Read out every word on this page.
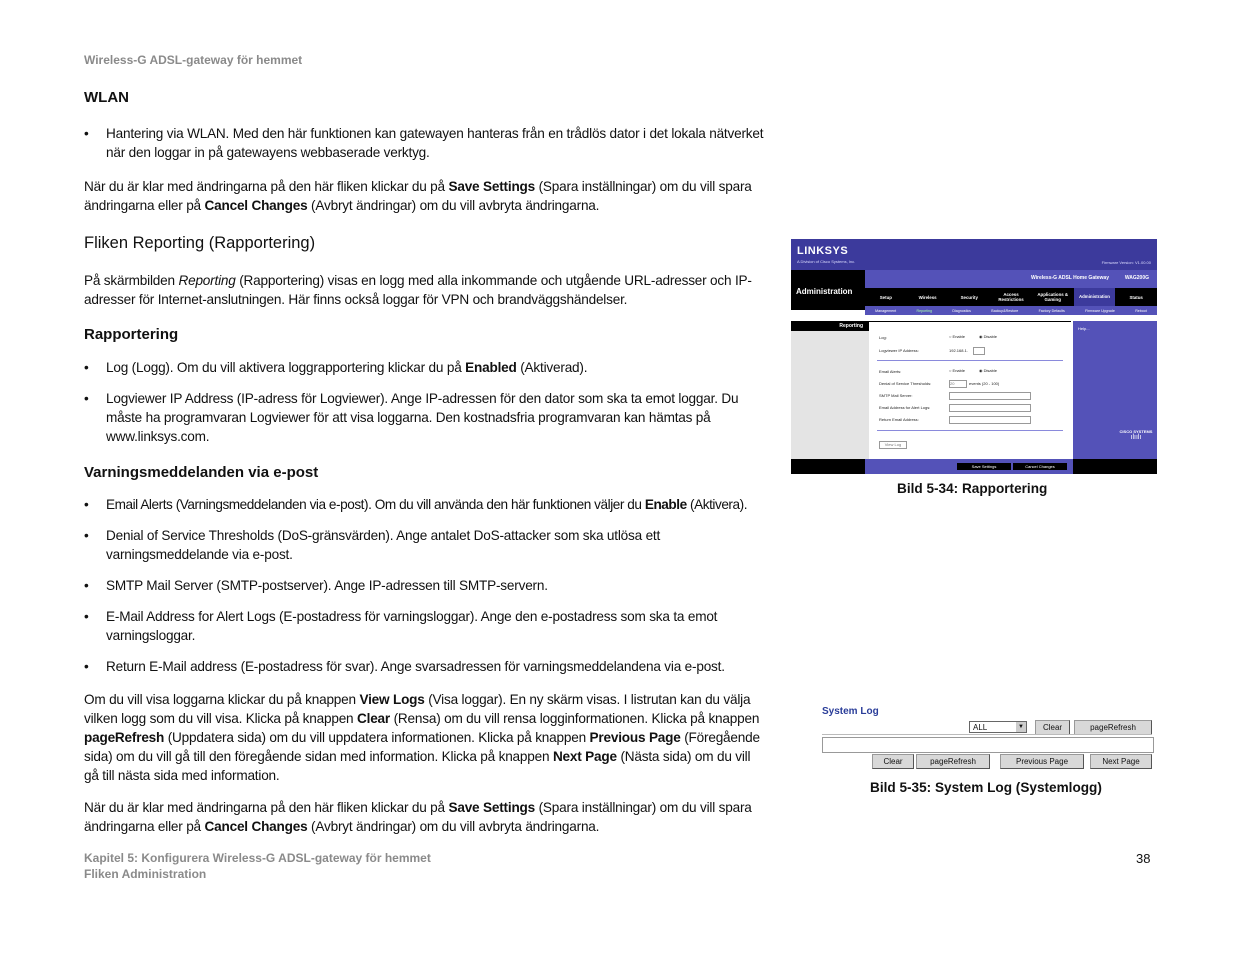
Wireless-G ADSL-gateway för hemmet
WLAN
• Hantering via WLAN. Med den här funktionen kan gatewayen hanteras från en trådlös dator i det lokala nätverket när den loggar in på gatewayens webbaserade verktyg.
När du är klar med ändringarna på den här fliken klickar du på Save Settings (Spara inställningar) om du vill spara ändringarna eller på Cancel Changes (Avbryt ändringar) om du vill avbryta ändringarna.
Fliken Reporting (Rapportering)
På skärmbilden Reporting (Rapportering) visas en logg med alla inkommande och utgående URL-adresser och IP-adresser för Internet-anslutningen. Här finns också loggar för VPN och brandväggshändelser.
Rapportering
• Log (Logg). Om du vill aktivera loggrapportering klickar du på Enabled (Aktiverad).
• Logviewer IP Address (IP-adress för Logviewer). Ange IP-adressen för den dator som ska ta emot loggar. Du måste ha programvaran Logviewer för att visa loggarna. Den kostnadsfria programvaran kan hämtas på www.linksys.com.
Varningsmeddelanden via e-post
• Email Alerts (Varningsmeddelanden via e-post). Om du vill använda den här funktionen väljer du Enable (Aktivera).
• Denial of Service Thresholds (DoS-gränsvärden). Ange antalet DoS-attacker som ska utlösa ett varningsmeddelande via e-post.
• SMTP Mail Server (SMTP-postserver). Ange IP-adressen till SMTP-servern.
• E-Mail Address for Alert Logs (E-postadress för varningsloggar). Ange den e-postadress som ska ta emot varningsloggar.
• Return E-Mail address (E-postadress för svar). Ange svarsadressen för varningsmeddelandena via e-post.
Om du vill visa loggarna klickar du på knappen View Logs (Visa loggar). En ny skärm visas. I listrutan kan du välja vilken logg som du vill visa. Klicka på knappen Clear (Rensa) om du vill rensa logginformationen. Klicka på knappen pageRefresh (Uppdatera sida) om du vill uppdatera informationen. Klicka på knappen Previous Page (Föregående sida) om du vill gå till den föregående sidan med information. Klicka på knappen Next Page (Nästa sida) om du vill gå till nästa sida med information.
När du är klar med ändringarna på den här fliken klickar du på Save Settings (Spara inställningar) om du vill spara ändringarna eller på Cancel Changes (Avbryt ändringar) om du vill avbryta ändringarna.
LINKSYS
A Division of Cisco Systems, Inc.	Firmware Version: V1.00.00
Administration
Wireless-G ADSL Home Gateway	WAG200G
Setup	Wireless	Security	Access Restrictions
Applications & Gaming
Administration	Status
Management	Reporting	Diagnostics	Backup&Restore	Factory Defaults	Firmware Upgrade	Reboot
Reporting
Log:	○ Enable	◉ Disable
Logviewer IP Address:	192.168.1.
Email Alerts:	○ Enable	◉ Disable
Denial of Service Thresholds:	20	events (20 - 100)
SMTP Mail Server:
Email Address for Alert Logs:
Return Email Address:
View Log
Help...
CISCO SYSTEMS
ılıılı
Save Settings	Cancel Changes
Bild 5-34: Rapportering
System Log
ALL	▼	Clear	pageRefresh
Clear	pageRefresh	Previous Page	Next Page
Bild 5-35: System Log (Systemlogg)
Kapitel 5: Konfigurera Wireless-G ADSL-gateway för hemmet
Fliken Administration
38
